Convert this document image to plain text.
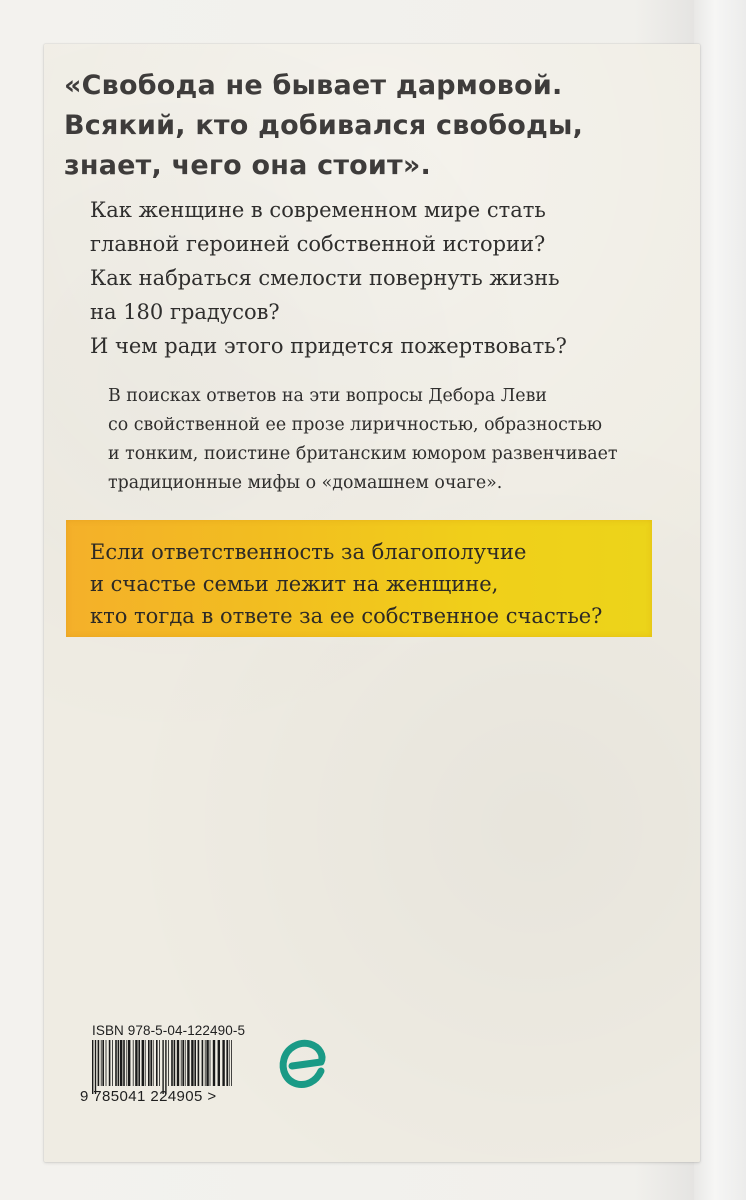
«Свобода не бывает дармовой.
Всякий, кто добивался свободы,
знает, чего она стоит».
Как женщине в современном мире стать
главной героиней собственной истории?
Как набраться смелости повернуть жизнь
на 180 градусов?
И чем ради этого придется пожертвовать?
В поисках ответов на эти вопросы Дебора Леви
со свойственной ее прозе лиричностью, образностью
и тонким, поистине британским юмором развенчивает
традиционные мифы о «домашнем очаге».
Если ответственность за благополучие
и счастье семьи лежит на женщине,
кто тогда в ответе за ее собственное счастье?
ISBN 978-5-04-122490-5
9 785041 224905 >
